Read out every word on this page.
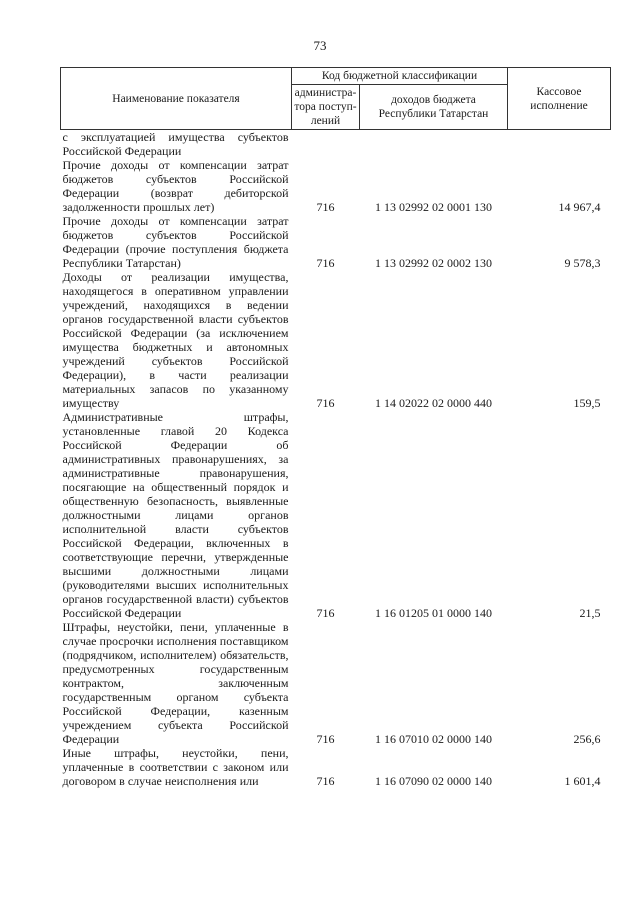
73
Наименование показателя	Код бюджетной классификации		Кассовое исполнение
	администра-тора поступ-лений	доходов бюджета Республики Татарстан	
с эксплуатацией имущества субъектов Российской Федерации			
Прочие доходы от компенсации затрат бюджетов субъектов Российской Федерации (возврат дебиторской задолженности прошлых лет)	716	1 13 02992 02 0001 130	14 967,4
Прочие доходы от компенсации затрат бюджетов субъектов Российской Федерации (прочие поступления бюджета Республики Татарстан)	716	1 13 02992 02 0002 130	9 578,3
Доходы от реализации имущества, находящегося в оперативном управлении учреждений, находящихся в ведении органов государственной власти субъектов Российской Федерации (за исключением имущества бюджетных и автономных учреждений субъектов Российской Федерации), в части реализации материальных запасов по указанному имуществу	716	1 14 02022 02 0000 440	159,5
Административные штрафы, установленные главой 20 Кодекса Российской Федерации об административных правонарушениях, за административные правонарушения, посягающие на общественный порядок и общественную безопасность, выявленные должностными лицами органов исполнительной власти субъектов Российской Федерации, включенных в соответствующие перечни, утвержденные высшими должностными лицами (руководителями высших исполнительных органов государственной власти) субъектов Российской Федерации	716	1 16 01205 01 0000 140	21,5
Штрафы, неустойки, пени, уплаченные в случае просрочки исполнения поставщиком (подрядчиком, исполнителем) обязательств, предусмотренных государственным контрактом, заключенным государственным органом субъекта Российской Федерации, казенным учреждением субъекта Российской Федерации	716	1 16 07010 02 0000 140	256,6
Иные штрафы, неустойки, пени, уплаченные в соответствии с законом или договором в случае неисполнения или	716	1 16 07090 02 0000 140	1 601,4
